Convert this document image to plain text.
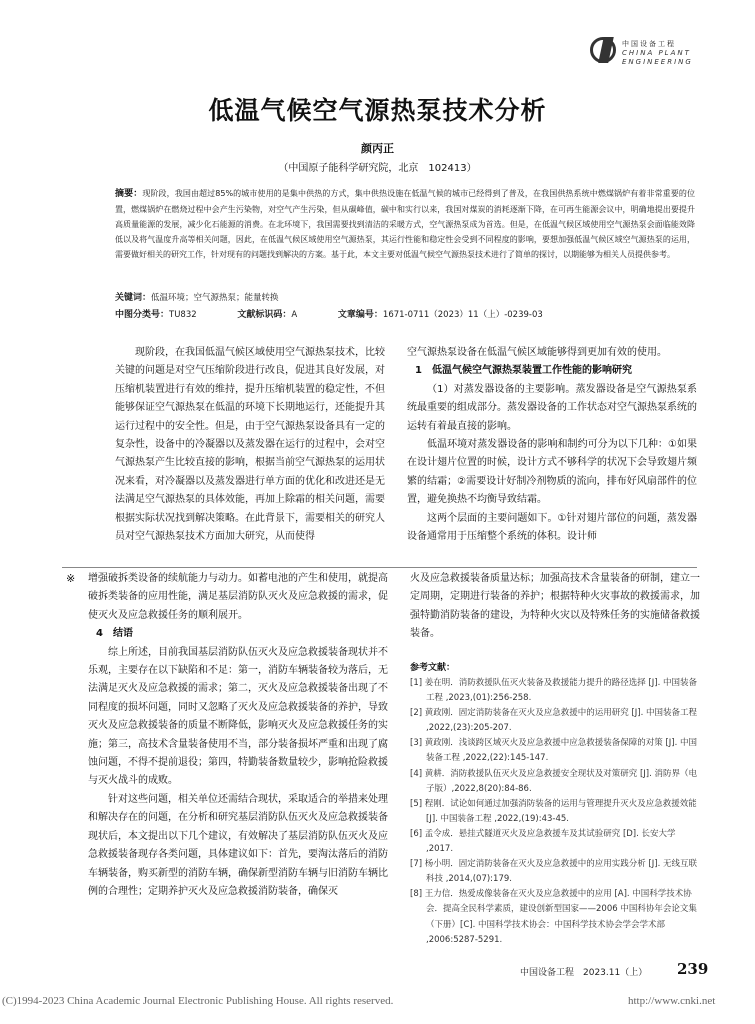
中国设备工程
CHINA PLANT ENGINEERING
低温气候空气源热泵技术分析
颜丙正
（中国原子能科学研究院，北京　102413）
摘要：现阶段，我国由超过85%的城市使用的是集中供热的方式，集中供热设施在低温气候的城市已经得到了普及，在我国供热系统中燃煤锅炉有着非常重要的位置，燃煤锅炉在燃烧过程中会产生污染物，对空气产生污染，但从碳峰值，碳中和实行以来，我国对煤炭的消耗逐渐下降，在可再生能源会议中，明确地提出要提升高质量能源的发展，减少化石能源的消费。在北环境下，我国需要找到清洁的采暖方式，空气源热泵成为首选。但是，在低温气候区域使用空气源热泵会面临能效降低以及将气温度升高等相关问题，因此，在低温气候区域使用空气源热泵，其运行性能和稳定性会受到不同程度的影响，要想加强低温气候区域空气源热泵的运用，需要做好相关的研究工作，针对现有的问题找到解决的方案。基于此，本文主要对低温气候空气源热泵技术进行了简单的探讨，以期能够为相关人员提供参考。
关键词：低温环境；空气源热泵；能量转换
中图分类号：TU832	文献标识码：A	文章编号：1671-0711（2023）11（上）-0239-03

现阶段，在我国低温气候区域使用空气源热泵技术，比较关键的问题是对空气压缩阶段进行改良，促进其良好发展，对压缩机装置进行有效的维持，提升压缩机装置的稳定性，不但能够保证空气源热泵在低温的环境下长期地运行，还能提升其运行过程中的安全性。但是，由于空气源热泵设备具有一定的复杂性，设备中的冷凝器以及蒸发器在运行的过程中，会对空气源热泵产生比较直接的影响，根据当前空气源热泵的运用状况来看，对冷凝器以及蒸发器进行单方面的优化和改进还是无法满足空气源热泵的具体效能，再加上除霜的相关问题，需要根据实际状况找到解决策略。在此背景下，需要相关的研究人员对空气源热泵技术方面加大研究，从而使得

空气源热泵设备在低温气候区域能够得到更加有效的使用。

1　低温气候空气源热泵装置工作性能的影响研究

（1）对蒸发器设备的主要影响。蒸发器设备是空气源热泵系统最重要的组成部分。蒸发器设备的工作状态对空气源热泵系统的运转有着最直接的影响。

低温环境对蒸发器设备的影响和制约可分为以下几种：①如果在设计翅片位置的时候，设计方式不够科学的状况下会导致翅片频繁的结霜；②需要设计好制冷剂物质的流向，排布好风扇部件的位置，避免换热不均衡导致结霜。

这两个层面的主要问题如下。①针对翅片部位的问题，蒸发器设备通常用于压缩整个系统的体积。设计师

※ 增强破拆类设备的续航能力与动力。如蓄电池的产生和使用，就提高破拆类装备的应用性能，满足基层消防队灭火及应急救援的需求，促使灭火及应急救援任务的顺利展开。

4　结语

综上所述，目前我国基层消防队伍灭火及应急救援装备现状并不乐观，主要存在以下缺陷和不足：第一，消防车辆装备较为落后，无法满足灭火及应急救援的需求；第二，灭火及应急救援装备出现了不同程度的损坏问题，同时又忽略了灭火及应急救援装备的养护，导致灭火及应急救援装备的质量不断降低，影响灭火及应急救援任务的实施；第三，高技术含量装备使用不当，部分装备损坏严重和出现了腐蚀问题，不得不提前退役；第四，特勤装备数量较少，影响抢险救援与灭火战斗的成败。

针对这些问题，相关单位还需结合现状，采取适合的举措来处理和解决存在的问题，在分析和研究基层消防队伍灭火及应急救援装备现状后，本文提出以下几个建议，有效解决了基层消防队伍灭火及应急救援装备现存各类问题，具体建议如下：首先，要淘汰落后的消防车辆装备，购买新型的消防车辆，确保新型消防车辆与旧消防车辆比例的合理性；定期养护灭火及应急救援消防装备，确保灭

火及应急救援装备质量达标；加强高技术含量装备的研制，建立一定周期，定期进行装备的养护；根据特种火灾事故的救援需求，加强特勤消防装备的建设，为特种火灾以及特殊任务的实施储备救援装备。

参考文献：
[1] 姜在明．消防救援队伍灭火装备及救援能力提升的路径选择 [J]. 中国装备工程 ,2023,(01):256-258.
[2] 黄政刚．固定消防装备在灭火及应急救援中的运用研究 [J]. 中国装备工程 ,2022,(23):205-207.
[3] 黄政刚．浅谈跨区域灭火及应急救援中应急救援装备保障的对策 [J]. 中国装备工程 ,2022,(22):145-147.
[4] 黄耕．消防救援队伍灭火及应急救援安全现状及对策研究 [J]. 消防界（电子版）,2022,8(20):84-86.
[5] 程刚．试论如何通过加强消防装备的运用与管理提升灭火及应急救援效能 [J]. 中国装备工程 ,2022,(19):43-45.
[6] 孟令成．悬挂式隧道灭火及应急救援车及其试验研究 [D]. 长安大学 ,2017.
[7] 杨小明．固定消防装备在灭火及应急救援中的应用实践分析 [J]. 无线互联科技 ,2014,(07):179.
[8] 王力信．热爱成像装备在灭火及应急救援中的应用 [A]. 中国科学技术协会．提高全民科学素质，建设创新型国家——2006 中国科协年会论文集（下册）[C]. 中国科学技术协会：中国科学技术协会学会学术部 ,2006:5287-5291.
中国设备工程　2023.11（上） 239
(C)1994-2023 China Academic Journal Electronic Publishing House. All rights reserved.	http://www.cnki.net
